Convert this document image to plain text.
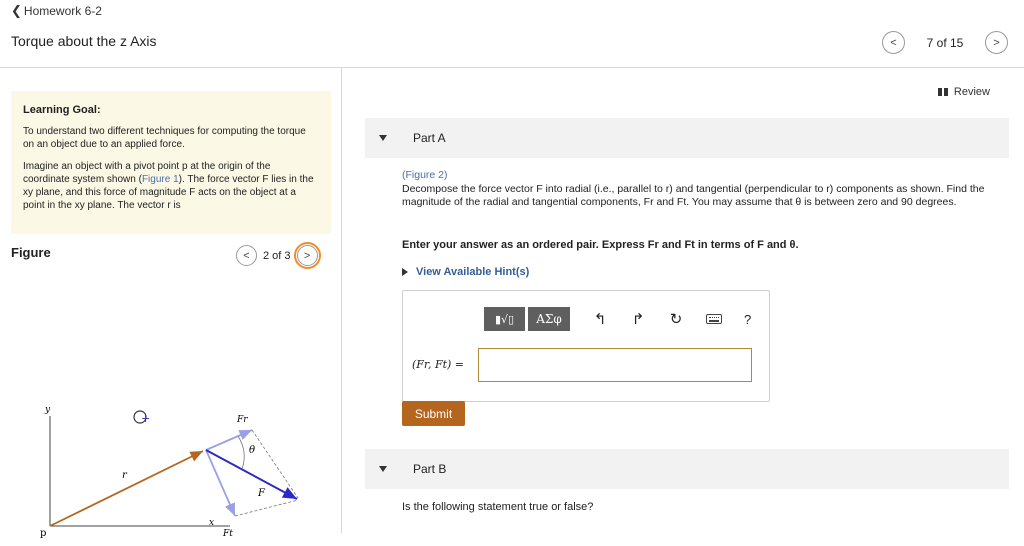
❮ Homework 6-2
Torque about the z Axis	<	7 of 15	>
Learning Goal:
To understand two different techniques for computing the torque on an object due to an applied force.
Imagine an object with a pivot point p at the origin of the coordinate system shown (Figure 1). The force vector F lies in the xy plane, and this force of magnitude F acts on the object at a point in the xy plane. The vector r is
Figure	< 2 of 3 >
y
x
p
+
r
θ
F
Fr
Ft
Review
Part A
(Figure 2)
Decompose the force vector F into radial (i.e., parallel to r) and tangential (perpendicular to r) components as shown. Find the magnitude of the radial and tangential components, Fr and Ft. You may assume that θ is between zero and 90 degrees.
Enter your answer as an ordered pair. Express Fr and Ft in terms of F and θ.
View Available Hint(s)
▮√▯	ΑΣφ	↰ ↱ ↻	?
(Fr, Ft) =
Submit
Part B
Is the following statement true or false?
